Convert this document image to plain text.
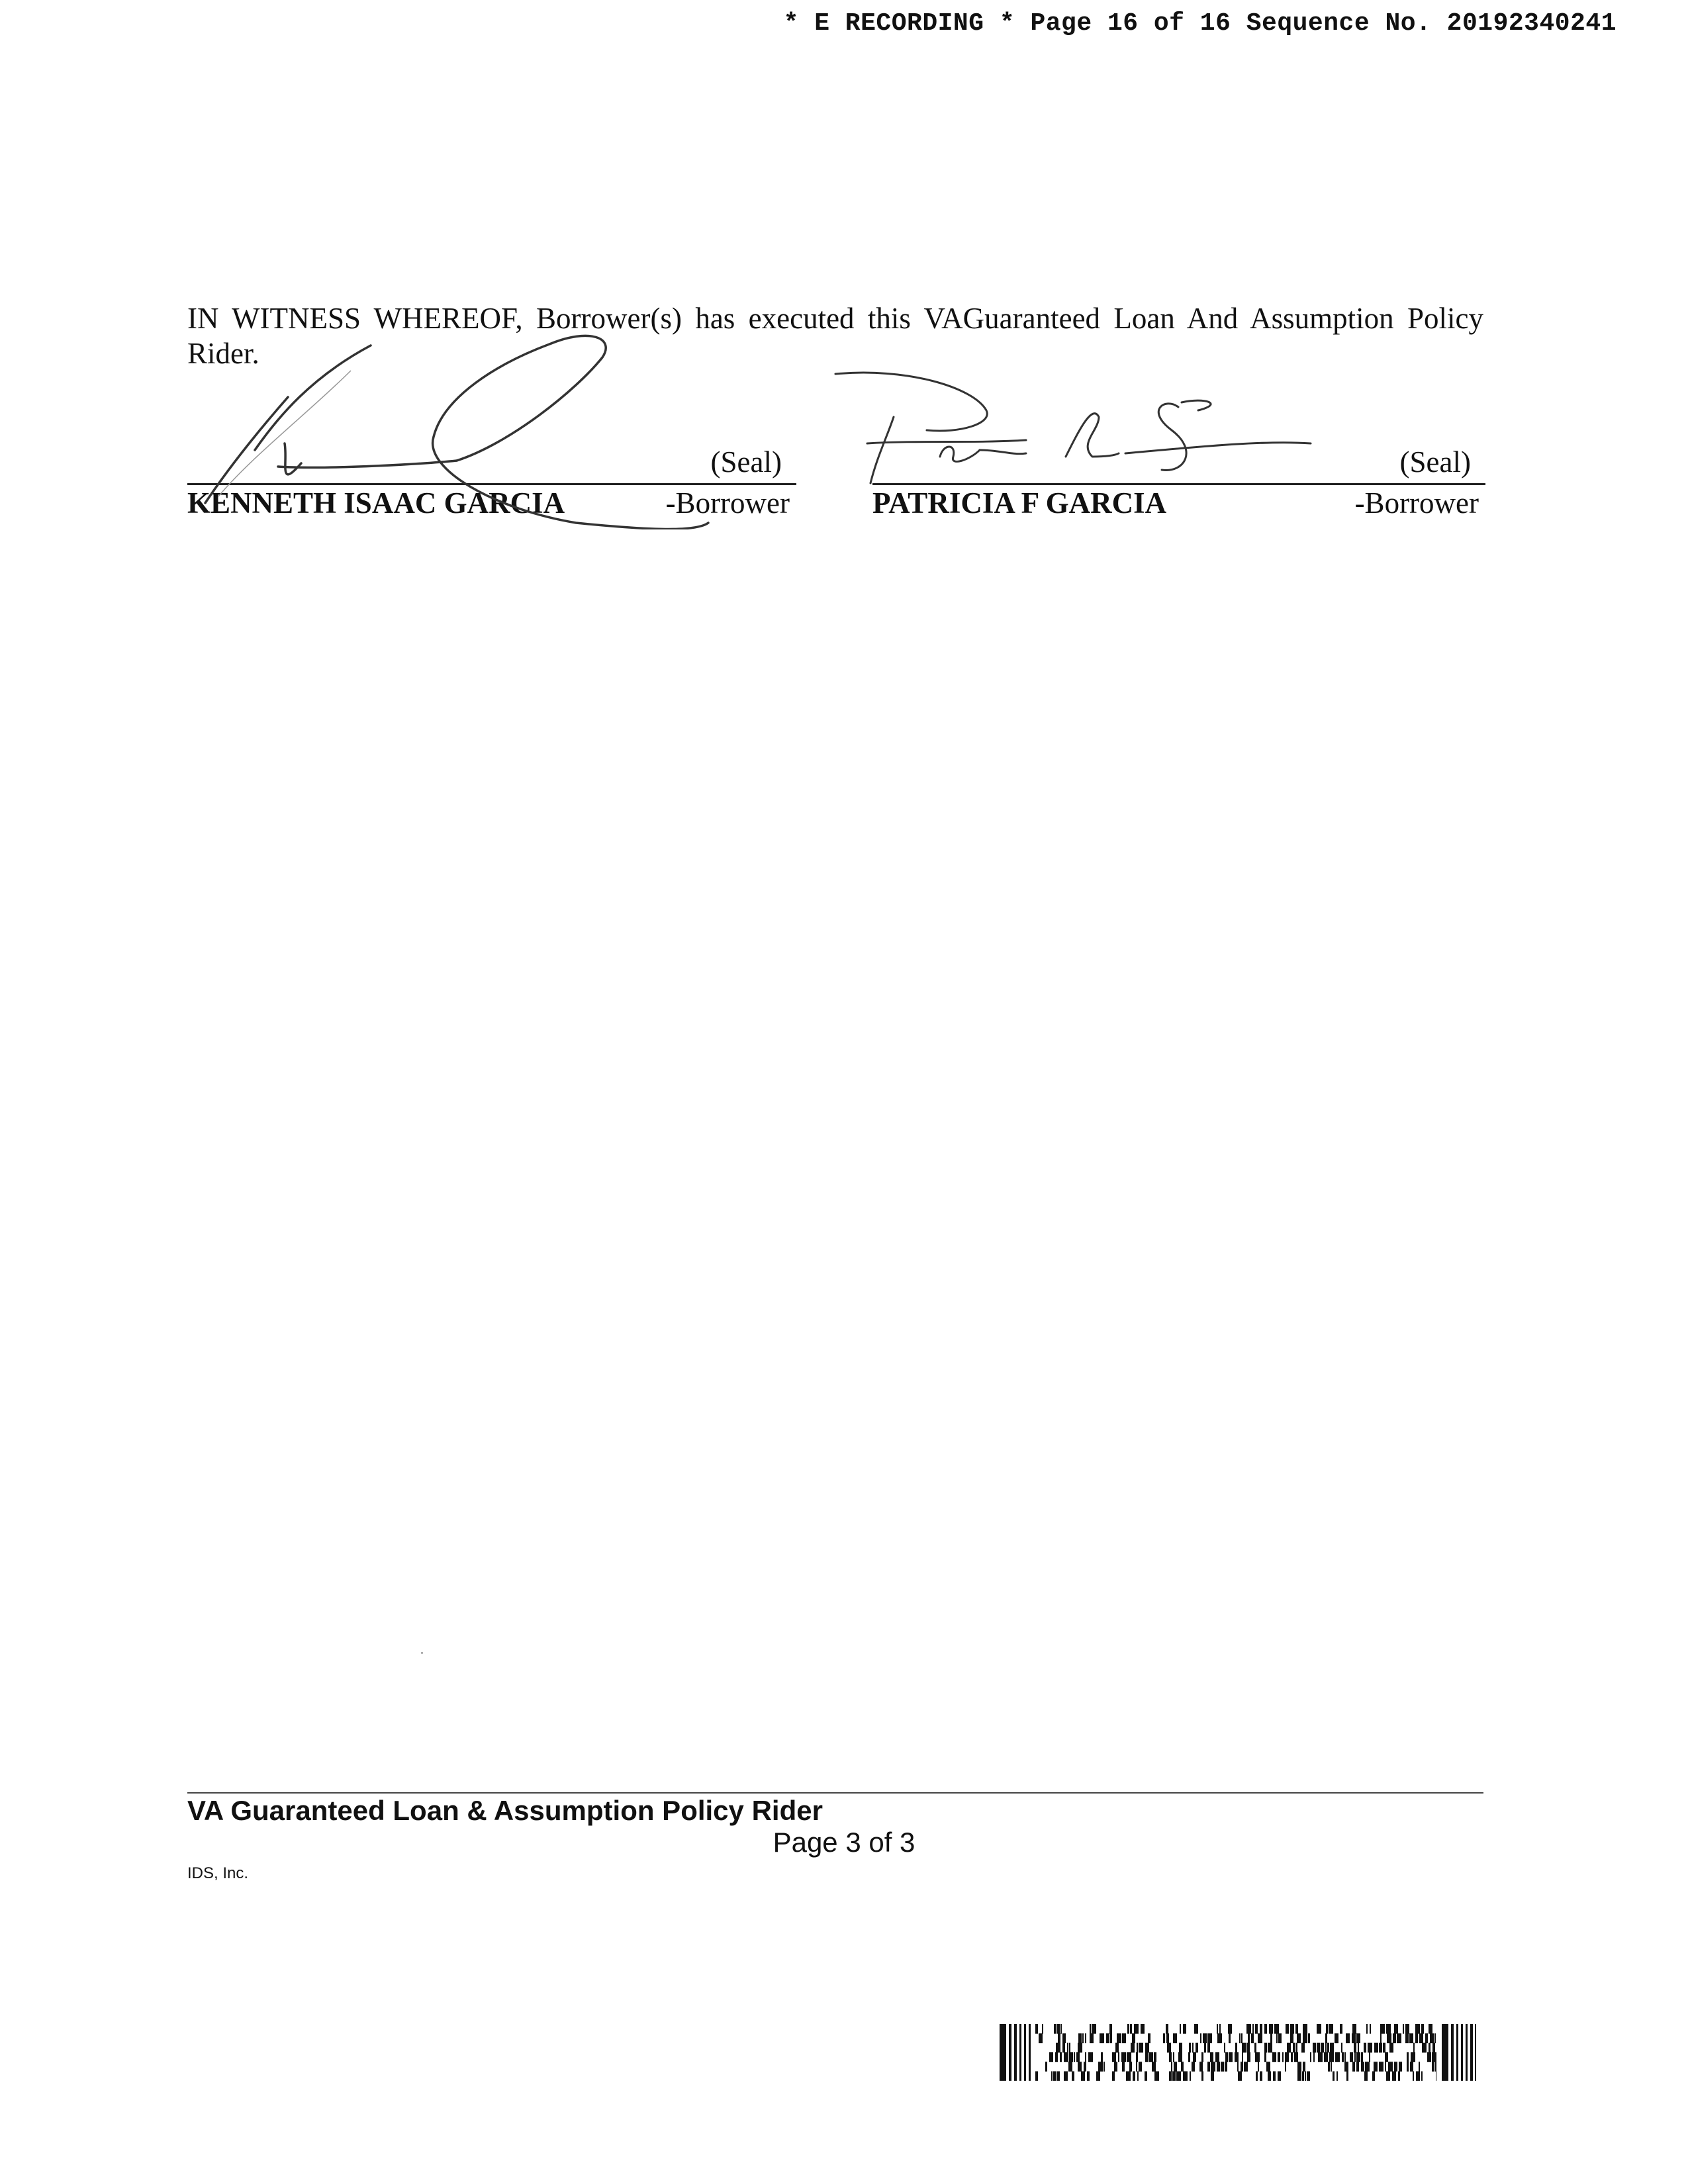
* E RECORDING * Page 16 of 16 Sequence No. 20192340241
IN WITNESS WHEREOF, Borrower(s) has executed this VAGuaranteed Loan And Assumption Policy Rider.
(Seal)
KENNETH ISAAC GARCIA	-Borrower
(Seal)
PATRICIA F GARCIA	-Borrower
VA Guaranteed Loan & Assumption Policy Rider
Page 3 of 3
IDS, Inc.
